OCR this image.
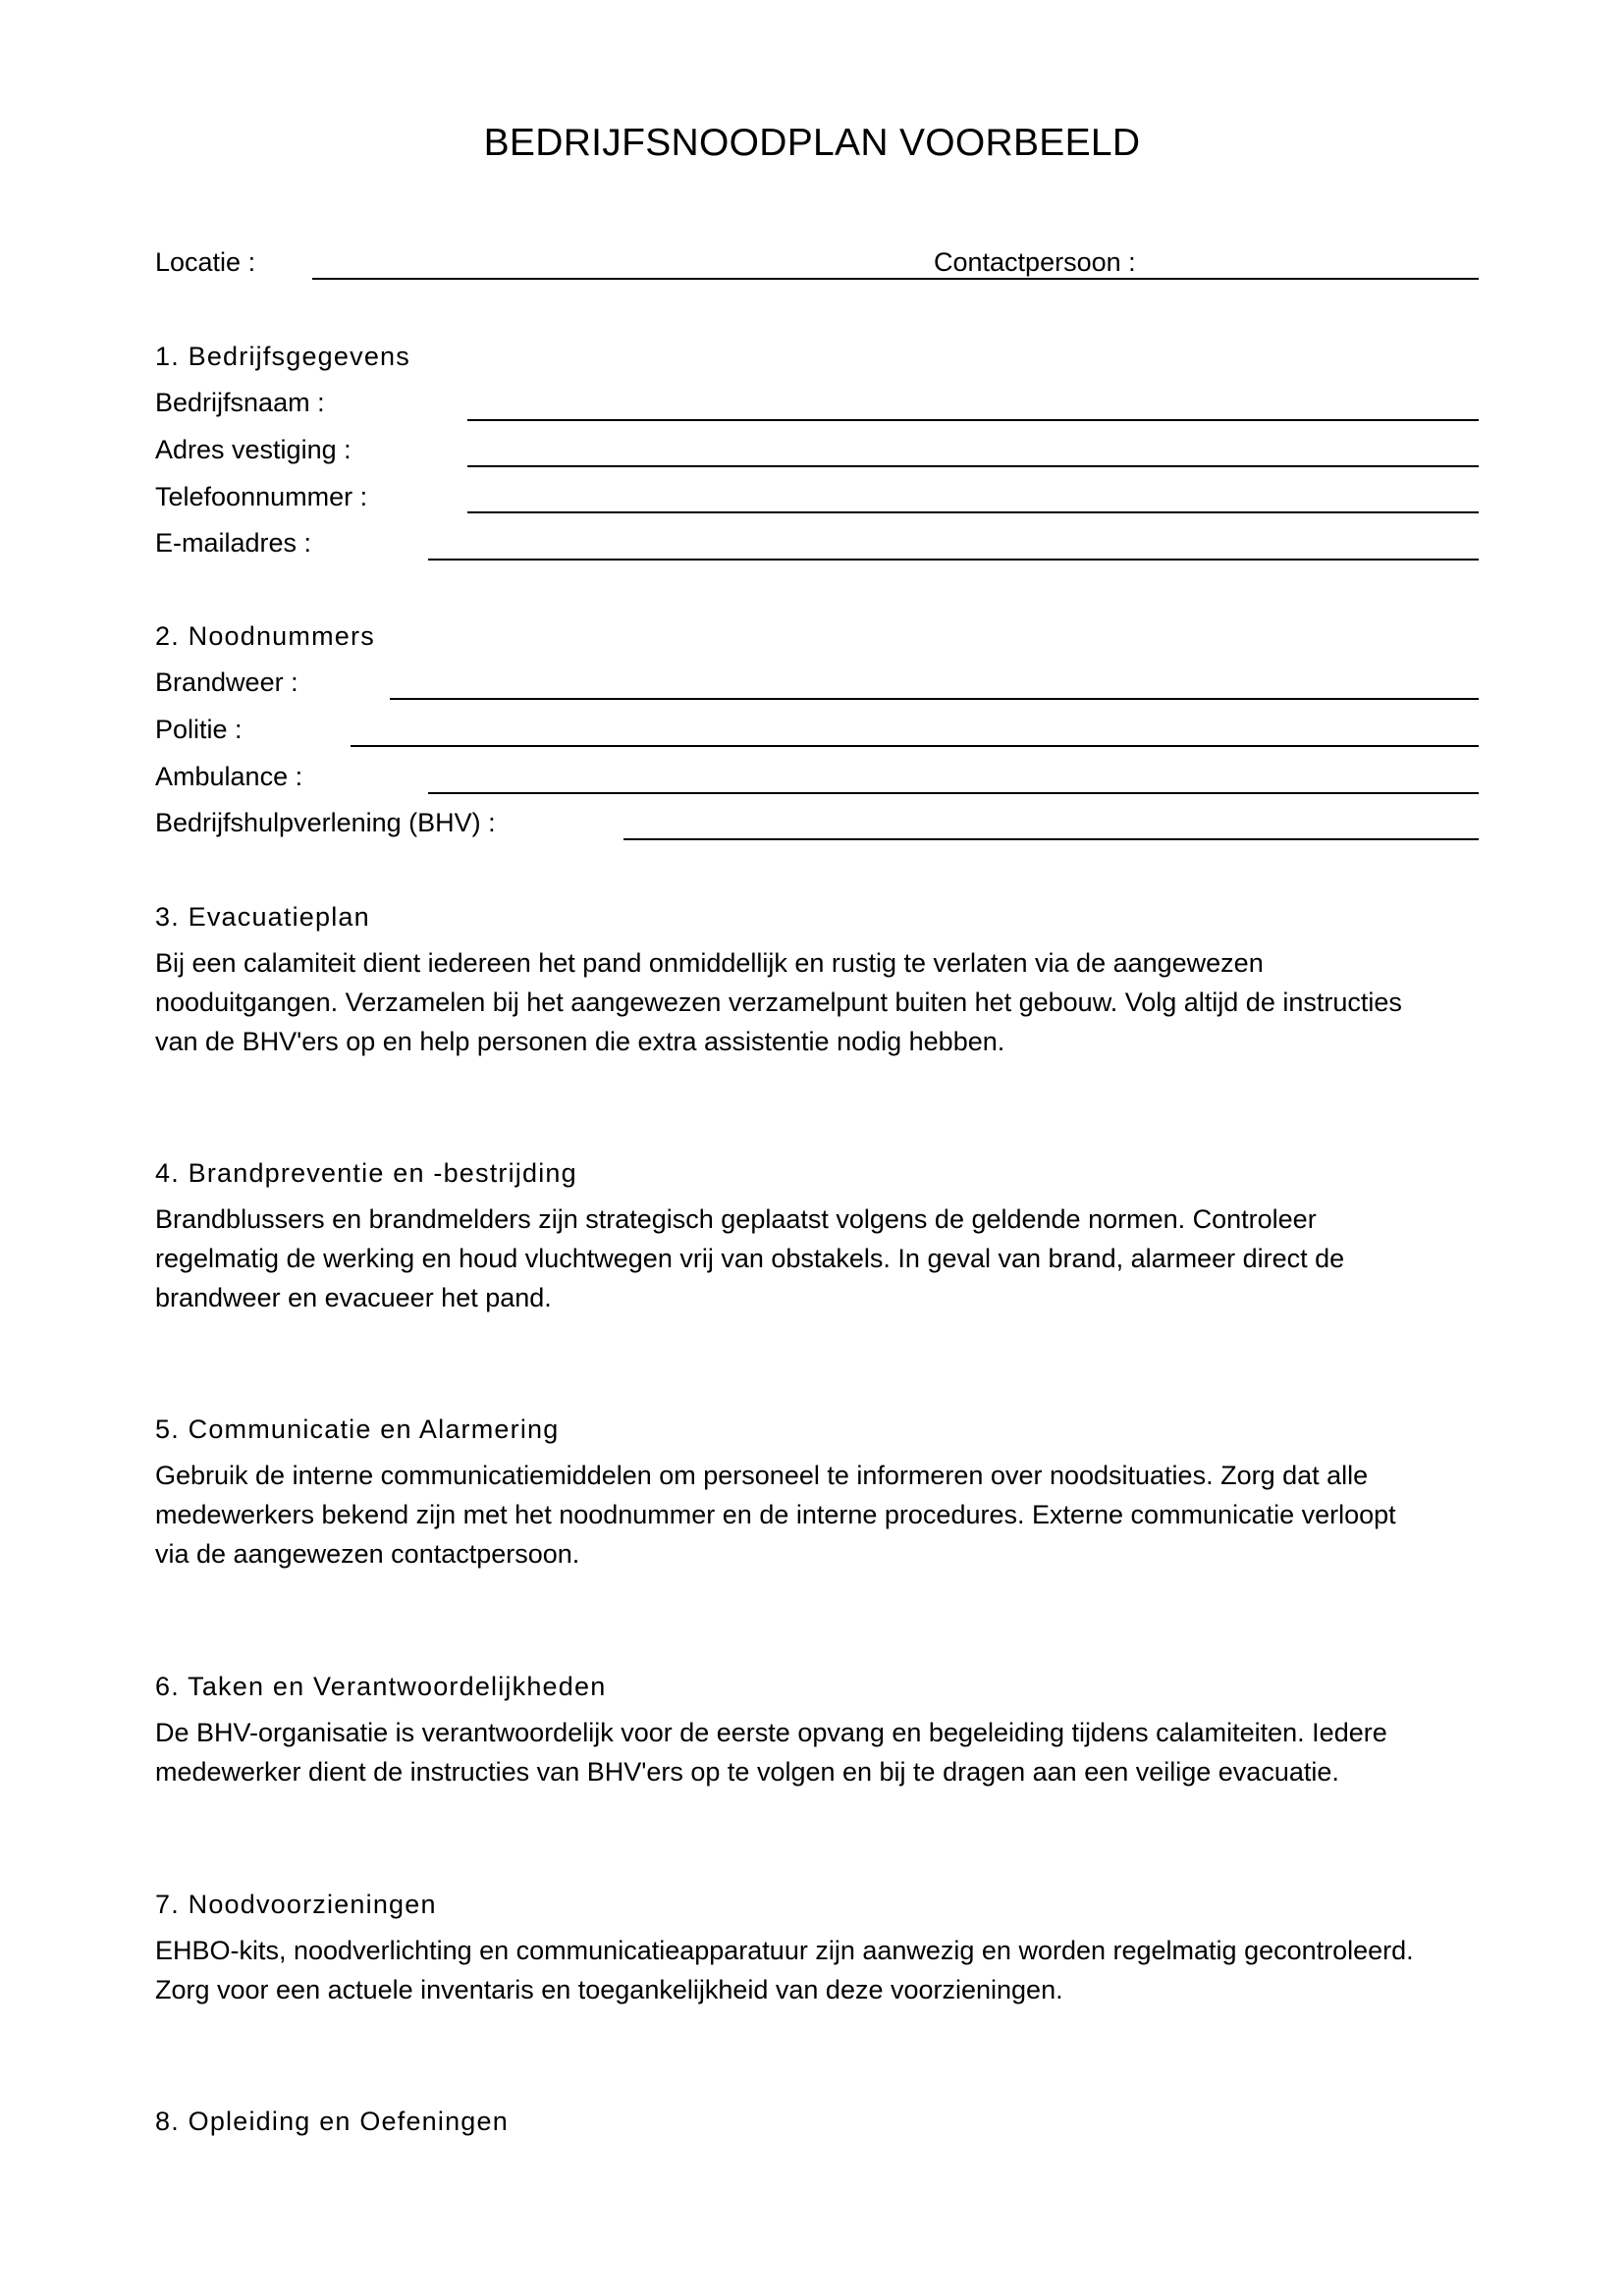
BEDRIJFSNOODPLAN VOORBEELD
Locatie :	Contactpersoon :
1. Bedrijfsgegevens
Bedrijfsnaam :
Adres vestiging :
Telefoonnummer :
E-mailadres :
2. Noodnummers
Brandweer :
Politie :
Ambulance :
Bedrijfshulpverlening (BHV) :
3. Evacuatieplan
Bij een calamiteit dient iedereen het pand onmiddellijk en rustig te verlaten via de aangewezen
nooduitgangen. Verzamelen bij het aangewezen verzamelpunt buiten het gebouw. Volg altijd de instructies
van de BHV'ers op en help personen die extra assistentie nodig hebben.
4. Brandpreventie en -bestrijding
Brandblussers en brandmelders zijn strategisch geplaatst volgens de geldende normen. Controleer
regelmatig de werking en houd vluchtwegen vrij van obstakels. In geval van brand, alarmeer direct de
brandweer en evacueer het pand.
5. Communicatie en Alarmering
Gebruik de interne communicatiemiddelen om personeel te informeren over noodsituaties. Zorg dat alle
medewerkers bekend zijn met het noodnummer en de interne procedures. Externe communicatie verloopt
via de aangewezen contactpersoon.
6. Taken en Verantwoordelijkheden
De BHV-organisatie is verantwoordelijk voor de eerste opvang en begeleiding tijdens calamiteiten. Iedere
medewerker dient de instructies van BHV'ers op te volgen en bij te dragen aan een veilige evacuatie.
7. Noodvoorzieningen
EHBO-kits, noodverlichting en communicatieapparatuur zijn aanwezig en worden regelmatig gecontroleerd.
Zorg voor een actuele inventaris en toegankelijkheid van deze voorzieningen.
8. Opleiding en Oefeningen
